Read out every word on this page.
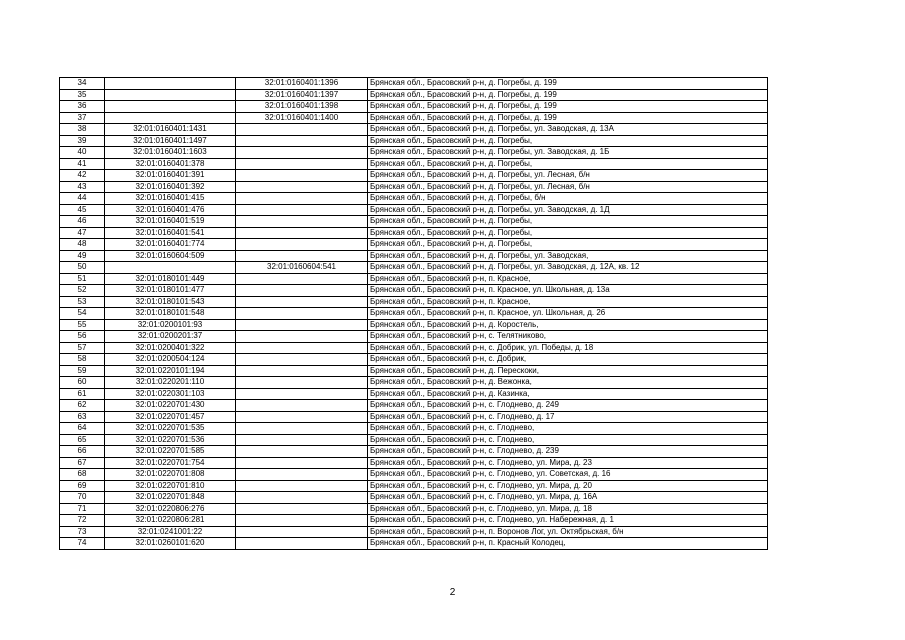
34		32:01:0160401:1396	Брянская обл., Брасовский р-н, д. Погребы, д. 199
35		32:01:0160401:1397	Брянская обл., Брасовский р-н, д. Погребы, д. 199
36		32:01:0160401:1398	Брянская обл., Брасовский р-н, д. Погребы, д. 199
37		32:01:0160401:1400	Брянская обл., Брасовский р-н, д. Погребы, д. 199
38	32:01:0160401:1431		Брянская обл., Брасовский р-н, д. Погребы, ул. Заводская, д. 13А
39	32:01:0160401:1497		Брянская обл., Брасовский р-н, д. Погребы,
40	32:01:0160401:1603		Брянская обл., Брасовский р-н, д. Погребы, ул. Заводская, д. 1Б
41	32:01:0160401:378		Брянская обл., Брасовский р-н, д. Погребы,
42	32:01:0160401:391		Брянская обл., Брасовский р-н, д. Погребы, ул. Лесная, б/н
43	32:01:0160401:392		Брянская обл., Брасовский р-н, д. Погребы, ул. Лесная, б/н
44	32:01:0160401:415		Брянская обл., Брасовский р-н, д. Погребы, б/н
45	32:01:0160401:476		Брянская обл., Брасовский р-н, д. Погребы, ул. Заводская, д. 1Д
46	32:01:0160401:519		Брянская обл., Брасовский р-н, д. Погребы,
47	32:01:0160401:541		Брянская обл., Брасовский р-н, д. Погребы,
48	32:01:0160401:774		Брянская обл., Брасовский р-н, д. Погребы,
49	32:01:0160604:509		Брянская обл., Брасовский р-н, д. Погребы, ул. Заводская,
50		32:01:0160604:541	Брянская обл., Брасовский р-н, д. Погребы, ул. Заводская, д. 12А, кв. 12
51	32:01:0180101:449		Брянская обл., Брасовский р-н, п. Красное,
52	32:01:0180101:477		Брянская обл., Брасовский р-н, п. Красное, ул. Школьная, д. 13а
53	32:01:0180101:543		Брянская обл., Брасовский р-н, п. Красное,
54	32:01:0180101:548		Брянская обл., Брасовский р-н, п. Красное, ул. Школьная, д. 26
55	32:01:0200101:93		Брянская обл., Брасовский р-н, д. Коростель,
56	32:01:0200201:37		Брянская обл., Брасовский р-н, с. Телятниково,
57	32:01:0200401:322		Брянская обл., Брасовский р-н, с. Добрик, ул. Победы, д. 18
58	32:01:0200504:124		Брянская обл., Брасовский р-н, с. Добрик,
59	32:01:0220101:194		Брянская обл., Брасовский р-н, д. Перескоки,
60	32:01:0220201:110		Брянская обл., Брасовский р-н, д. Вежонка,
61	32:01:0220301:103		Брянская обл., Брасовский р-н, д. Казинка,
62	32:01:0220701:430		Брянская обл., Брасовский р-н, с. Глоднево, д. 249
63	32:01:0220701:457		Брянская обл., Брасовский р-н, с. Глоднево, д. 17
64	32:01:0220701:535		Брянская обл., Брасовский р-н, с. Глоднево,
65	32:01:0220701:536		Брянская обл., Брасовский р-н, с. Глоднево,
66	32:01:0220701:585		Брянская обл., Брасовский р-н, с. Глоднево, д. 239
67	32:01:0220701:754		Брянская обл., Брасовский р-н, с. Глоднево, ул. Мира, д. 23
68	32:01:0220701:808		Брянская обл., Брасовский р-н, с. Глоднево, ул. Советская, д. 16
69	32:01:0220701:810		Брянская обл., Брасовский р-н, с. Глоднево, ул. Мира, д. 20
70	32:01:0220701:848		Брянская обл., Брасовский р-н, с. Глоднево, ул. Мира, д. 16А
71	32:01:0220806:276		Брянская обл., Брасовский р-н, с. Глоднево, ул. Мира, д. 18
72	32:01:0220806:281		Брянская обл., Брасовский р-н, с. Глоднево, ул. Набережная, д. 1
73	32:01:0241001:22		Брянская обл., Брасовский р-н, п. Воронов Лог, ул. Октябрьская, б/н
74	32:01:0260101:620		Брянская обл., Брасовский р-н, п. Красный Колодец,
2
